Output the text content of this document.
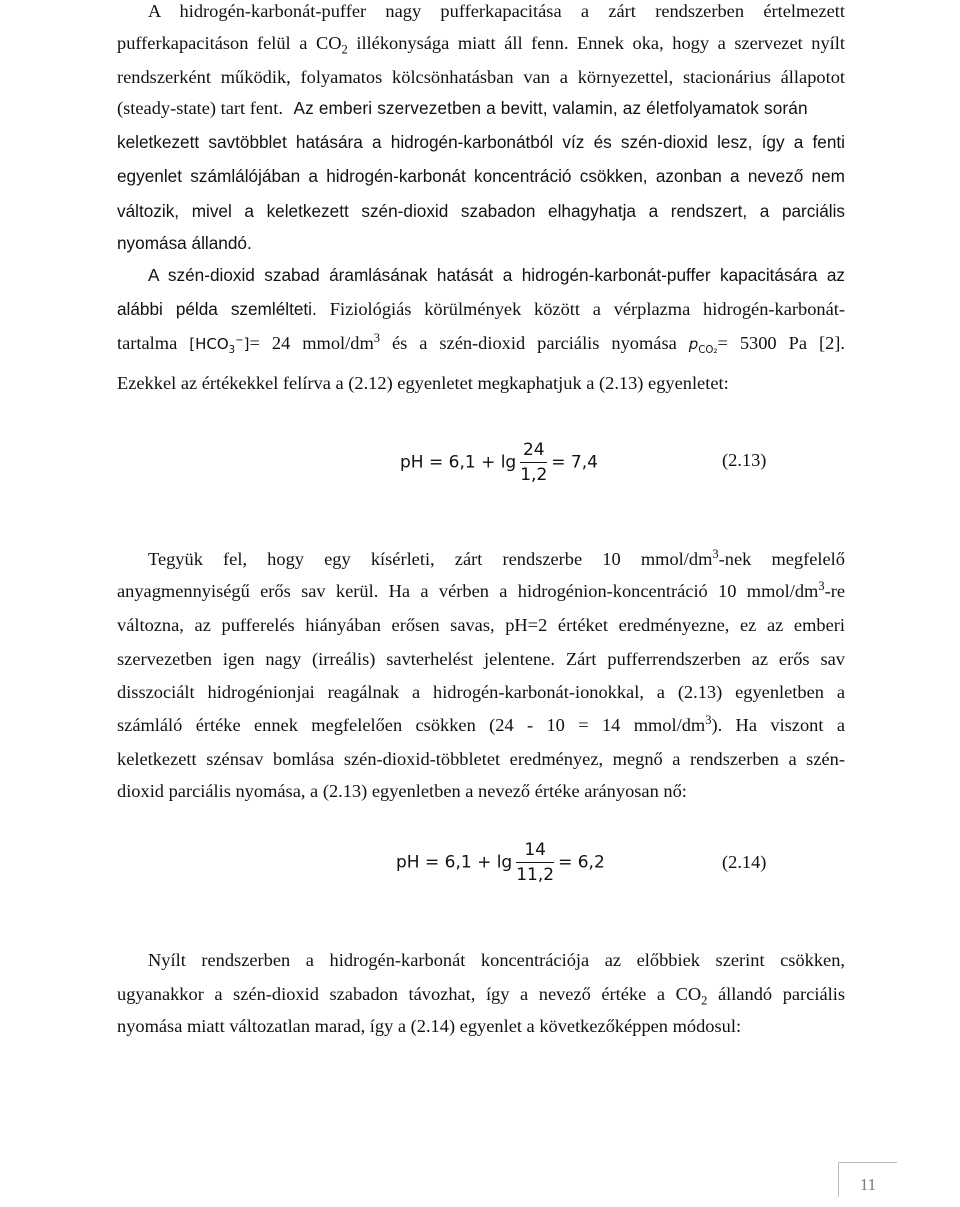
A hidrogén-karbonát-puffer nagy pufferkapacitása a zárt rendszerben értelmezett
pufferkapacitáson felül a $CO_2$ illékonysága miatt áll fenn. Ennek oka, hogy a szervezet nyílt
rendszerként működik, folyamatos kölcsönhatásban van a környezettel, stacionárius állapotot
(steady-state) tart fent. Az emberi szervezetben a bevitt, valamin, az életfolyamatok során
keletkezett savtöbblet hatására a hidrogén-karbonátból víz és szén-dioxid lesz, így a fenti
egyenlet számlálójában a hidrogén-karbonát koncentráció csökken, azonban a nevező nem
változik, mivel a keletkezett szén-dioxid szabadon elhagyhatja a rendszert, a parciális
nyomása állandó.
A szén-dioxid szabad áramlásának hatását a hidrogén-karbonát-puffer kapacitására az
alábbi példa szemlélteti. Fiziológiás körülmények között a vérplazma hidrogén-karbonát-
tartalma $[HCO_3^-]= 24$ mmol/$dm^3$ és a szén-dioxid parciális nyomása $p_{CO_2}= 5300$ Pa [2].
Ezekkel az értékekkel felírva a (2.12) egyenletet megkaphatjuk a (2.13) egyenletet:
pH = $6,1 + \lg \frac{24}{1,2} = 7,4$	(2.13)
Tegyük fel, hogy egy kísérleti, zárt rendszerbe 10 mmol/$dm^3$-nek megfelelő
anyagmennyiségű erős sav kerül. Ha a vérben a hidrogénion-koncentráció 10 mmol/$dm^3-re$
változna, az pufferelés hiányában erősen savas, pH=2 értéket eredményezne, ez az emberi
szervezetben igen nagy (irreális) savterhelést jelentene. Zárt pufferrendszerben az erős sav
disszociált hidrogénionjai reagálnak a hidrogén-karbonát-ionokkal, a (2.13) egyenletben a
számláló értéke ennek megfelelően csökken (24 - 10 = 14 mmol/$dm^3$). Ha viszont a
keletkezett szénsav bomlása szén-dioxid-többletet eredményez, megnő a rendszerben a szén-
dioxid parciális nyomása, a (2.13) egyenletben a nevező értéke arányosan nő:
pH = $6,1 + \lg \frac{14}{11,2} = 6,2$	(2.14)
Nyílt rendszerben a hidrogén-karbonát koncentrációja az előbbiek szerint csökken,
ugyanakkor a szén-dioxid szabadon távozhat, így a nevező értéke a $CO_2$ állandó parciális
nyomása miatt változatlan marad, így a (2.14) egyenlet a következőképpen módosul:
11
